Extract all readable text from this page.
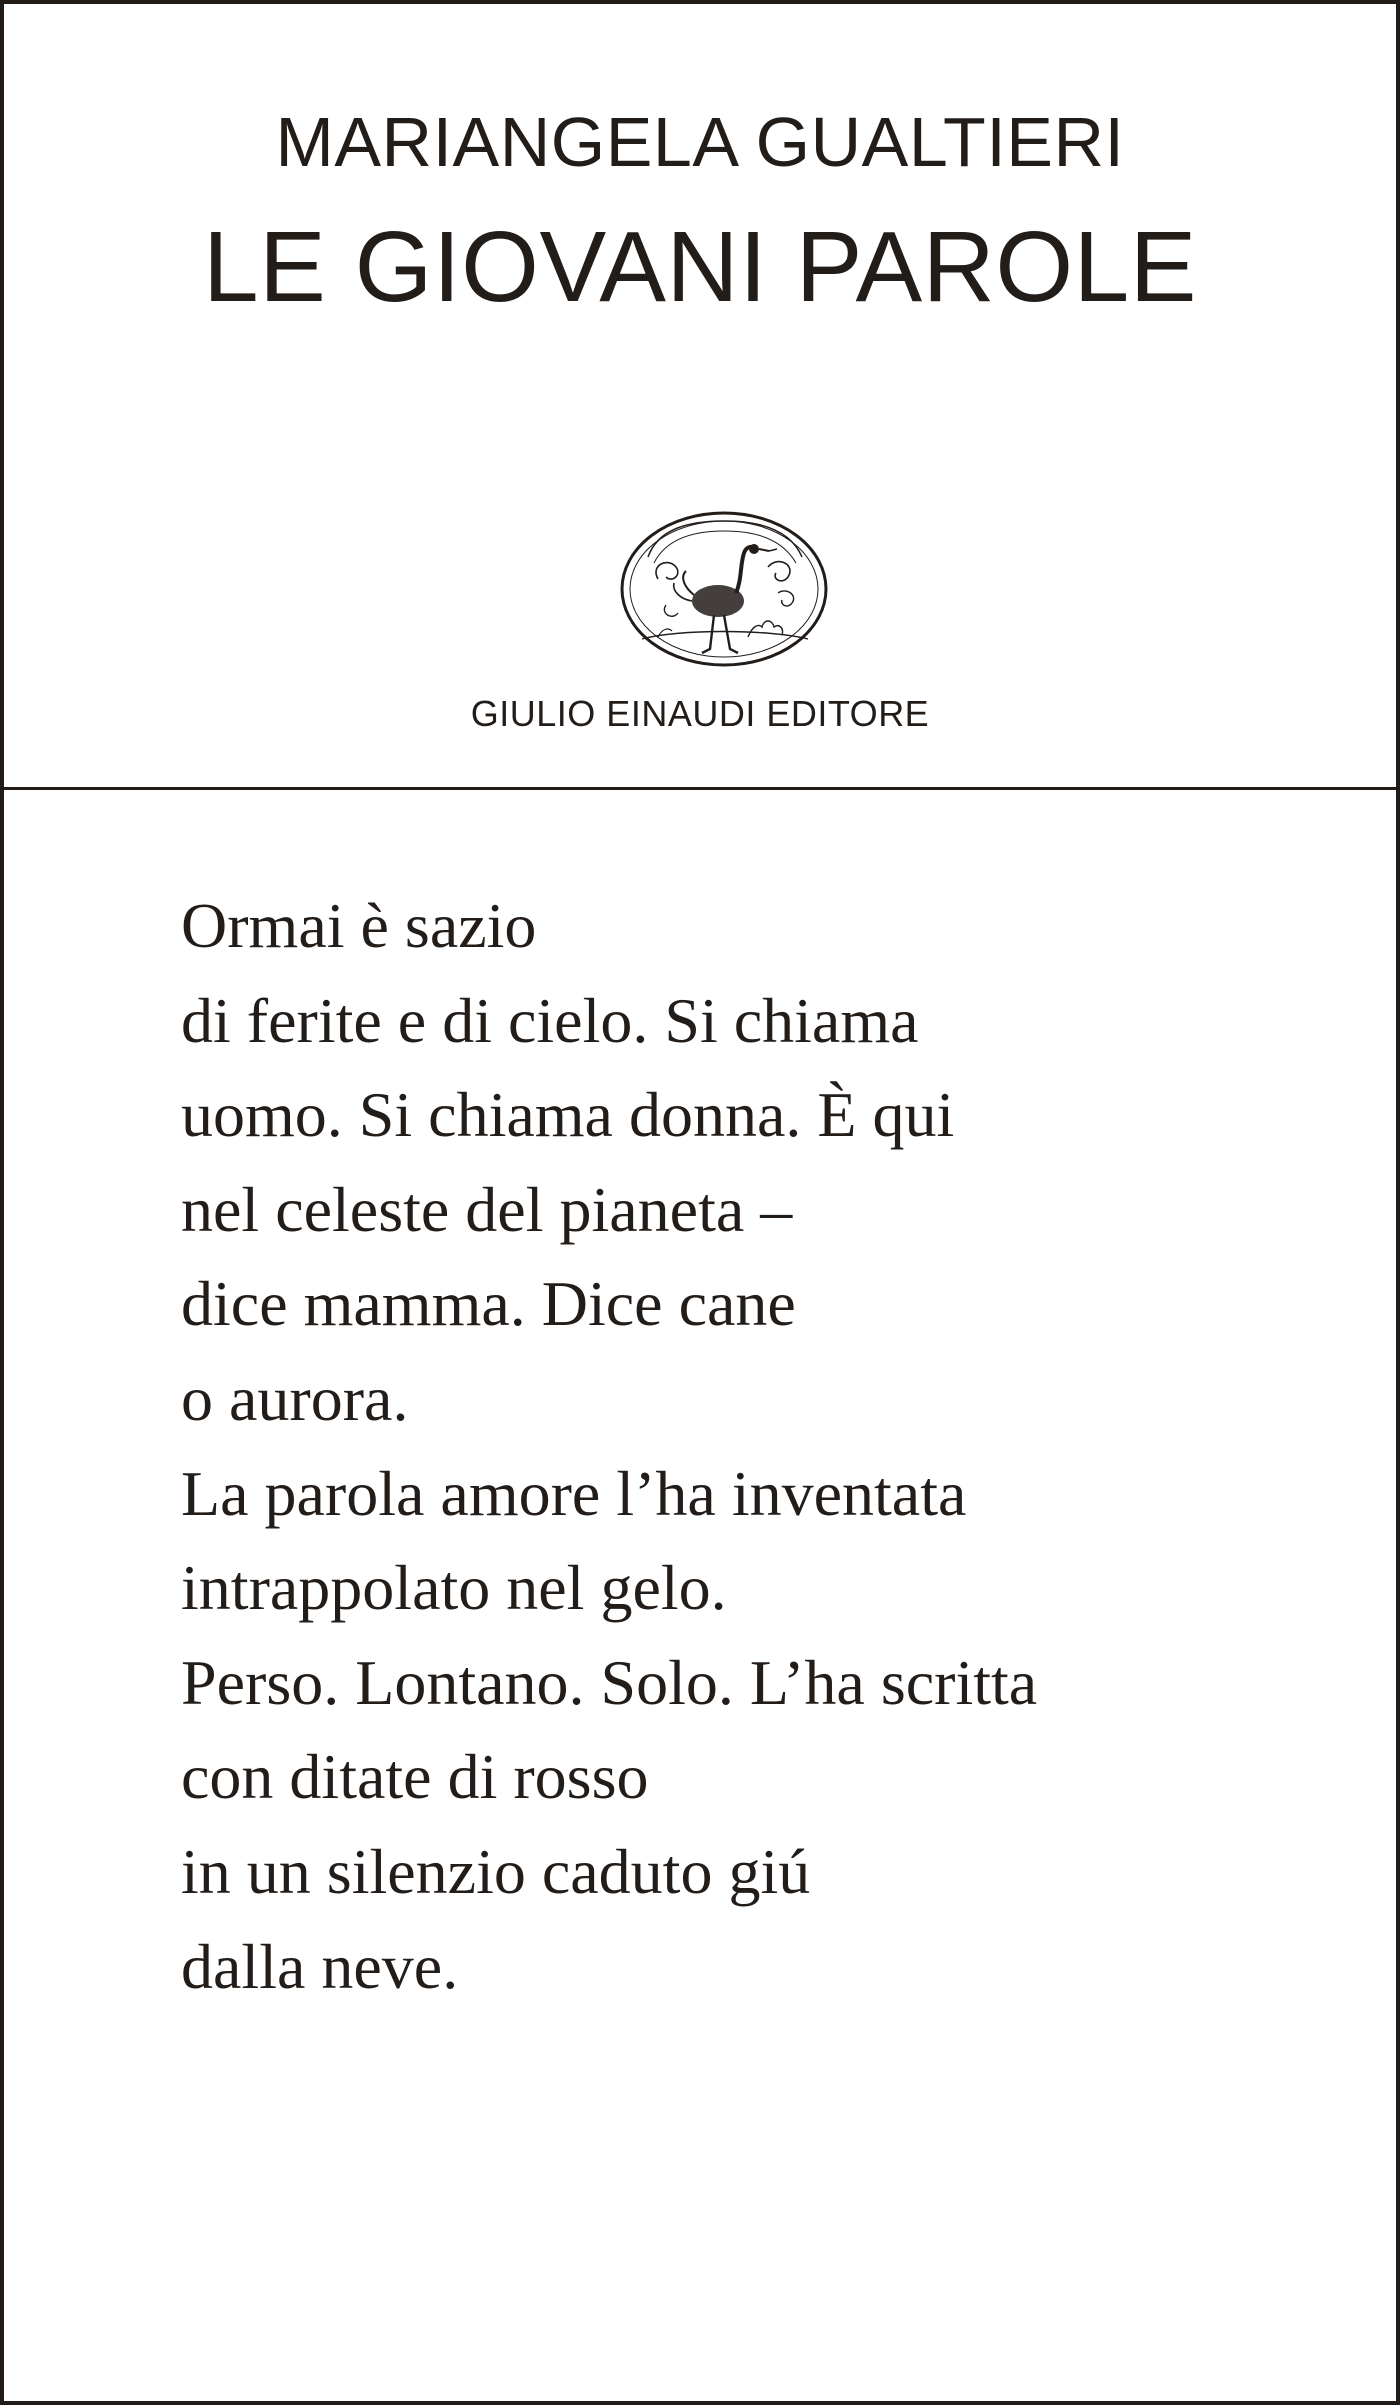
MARIANGELA GUALTIERI
LE GIOVANI PAROLE
GIULIO EINAUDI EDITORE
Ormai è sazio
di ferite e di cielo. Si chiama
uomo. Si chiama donna. È qui
nel celeste del pianeta –
dice mamma. Dice cane
o aurora.
La parola amore l’ha inventata
intrappolato nel gelo.
Perso. Lontano. Solo. L’ha scritta
con ditate di rosso
in un silenzio caduto giú
dalla neve.
